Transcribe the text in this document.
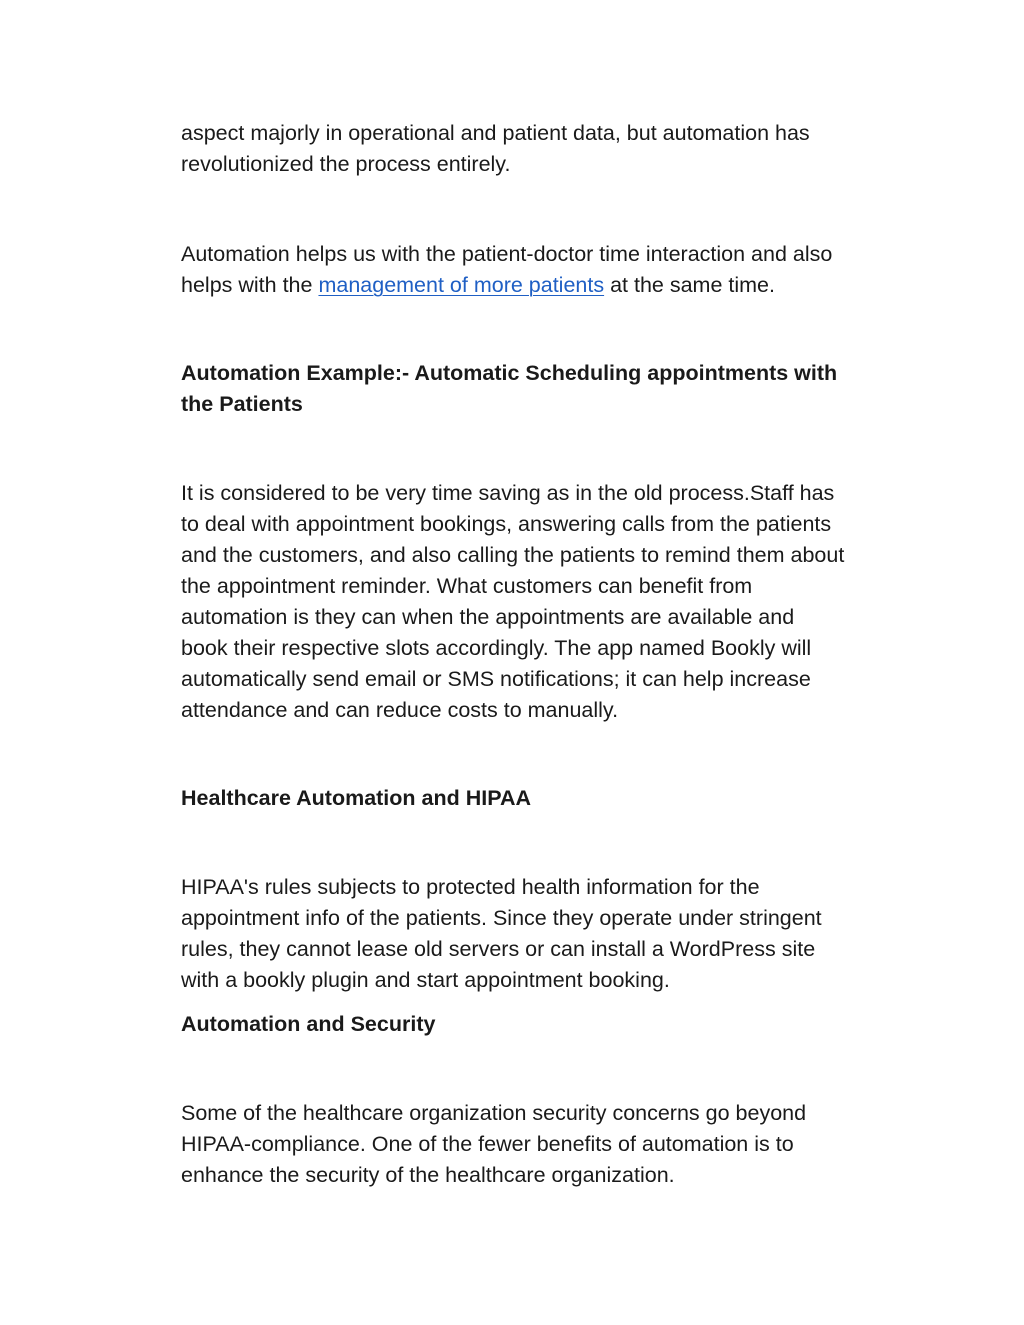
aspect majorly in operational and patient data, but automation has
revolutionized the process entirely.

Automation helps us with the patient-doctor time interaction and also
helps with the management of more patients at the same time.

Automation Example:- Automatic Scheduling appointments with
the Patients

It is considered to be very time saving as in the old process.Staff has
to deal with appointment bookings, answering calls from the patients
and the customers, and also calling the patients to remind them about
the appointment reminder. What customers can benefit from
automation is they can when the appointments are available and
book their respective slots accordingly. The app named Bookly will
automatically send email or SMS notifications; it can help increase
attendance and can reduce costs to manually.

Healthcare Automation and HIPAA

HIPAA's rules subjects to protected health information for the
appointment info of the patients. Since they operate under stringent
rules, they cannot lease old servers or can install a WordPress site
with a bookly plugin and start appointment booking.

Automation and Security

Some of the healthcare organization security concerns go beyond
HIPAA-compliance. One of the fewer benefits of automation is to
enhance the security of the healthcare organization.
